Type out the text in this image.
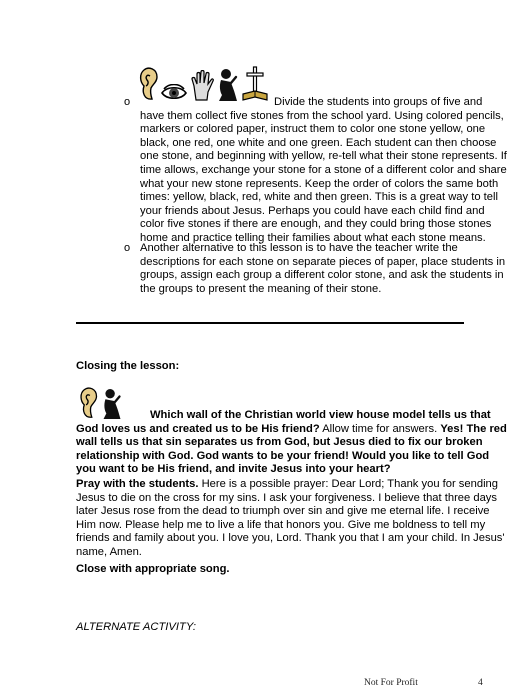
o	Divide the students into groups of five and
have them collect five stones from the school yard. Using colored pencils,
markers or colored paper, instruct them to color one stone yellow, one
black, one red, one white and one green. Each student can then choose
one stone, and beginning with yellow, re-tell what their stone represents. If
time allows, exchange your stone for a stone of a different color and share
what your new stone represents. Keep the order of colors the same both
times: yellow, black, red, white and then green. This is a great way to tell
your friends about Jesus. Perhaps you could have each child find and
color five stones if there are enough, and they could bring those stones
home and practice telling their families about what each stone means.
o Another alternative to this lesson is to have the teacher write the
descriptions for each stone on separate pieces of paper, place students in
groups, assign each group a different color stone, and ask the students in
the groups to present the meaning of their stone.
Closing the lesson:
Which wall of the Christian world view house model tells us that
God loves us and created us to be His friend? Allow time for answers. Yes! The red
wall tells us that sin separates us from God, but Jesus died to fix our broken
relationship with God. God wants to be your friend! Would you like to tell God
you want to be His friend, and invite Jesus into your heart?
Pray with the students. Here is a possible prayer: Dear Lord; Thank you for sending
Jesus to die on the cross for my sins. I ask your forgiveness. I believe that three days
later Jesus rose from the dead to triumph over sin and give me eternal life. I receive
Him now. Please help me to live a life that honors you. Give me boldness to tell my
friends and family about you. I love you, Lord. Thank you that I am your child. In Jesus'
name, Amen.
Close with appropriate song.
ALTERNATE ACTIVITY:
Not For Profit	4
